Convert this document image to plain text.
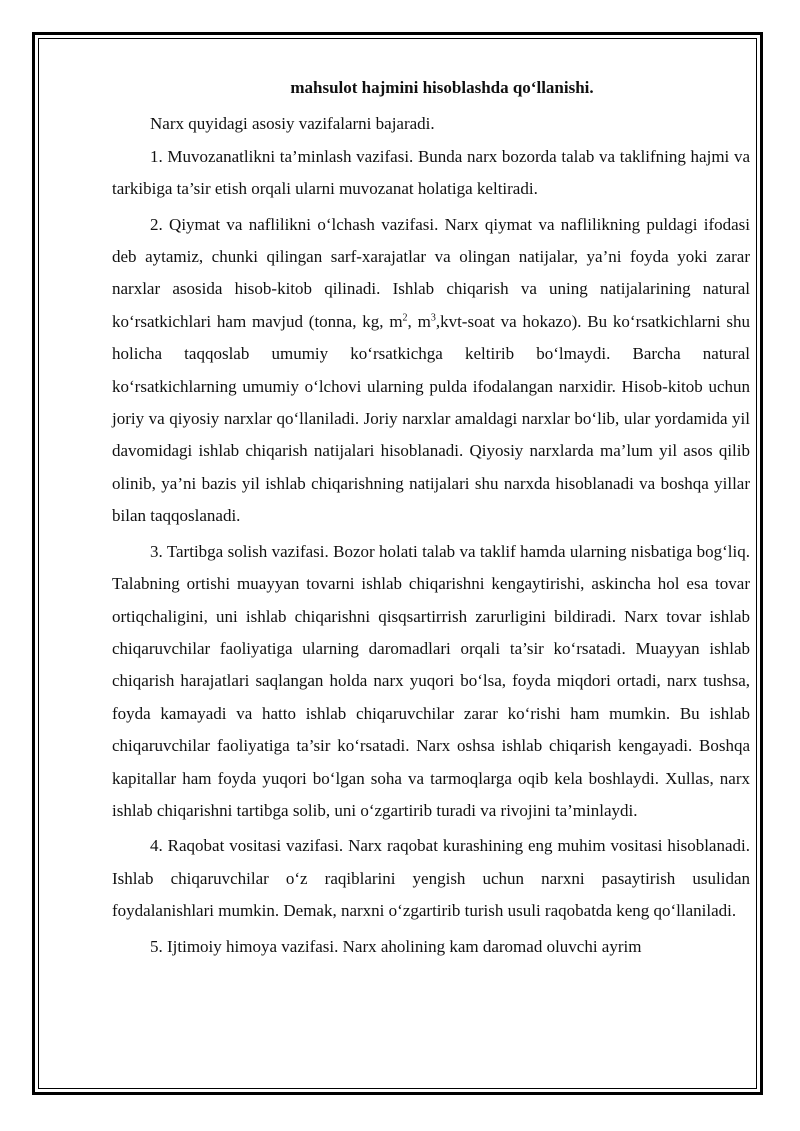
mahsulot hajmini hisoblashda qo‘llanishi.

Narx quyidagi asosiy vazifalarni bajaradi.

1. Muvozanatlikni ta’minlash vazifasi. Bunda narx bozorda talab va taklifning hajmi va tarkibiga ta’sir etish orqali ularni muvozanat holatiga keltiradi.

2. Qiymat va naflilikni o‘lchash vazifasi. Narx qiymat va naflilikning puldagi ifodasi deb aytamiz, chunki qilingan sarf-xarajatlar va olingan natijalar, ya’ni foyda yoki zarar narxlar asosida hisob-kitob qilinadi. Ishlab chiqarish va uning natijalarining natural ko‘rsatkichlari ham mavjud (tonna, kg, $m^2$, $m^3,kvt$-soat va hokazo). Bu ko‘rsatkichlarni shu holicha taqqoslab umumiy ko‘rsatkichga keltirib bo‘lmaydi. Barcha natural ko‘rsatkichlarning umumiy o‘lchovi ularning pulda ifodalangan narxidir. Hisob-kitob uchun joriy va qiyosiy narxlar qo‘llaniladi. Joriy narxlar amaldagi narxlar bo‘lib, ular yordamida yil davomidagi ishlab chiqarish natijalari hisoblanadi. Qiyosiy narxlarda ma’lum yil asos qilib olinib, ya’ni bazis yil ishlab chiqarishning natijalari shu narxda hisoblanadi va boshqa yillar bilan taqqoslanadi.

3. Tartibga solish vazifasi. Bozor holati talab va taklif hamda ularning nisbatiga bog‘liq. Talabning ortishi muayyan tovarni ishlab chiqarishni kengaytirishi, askincha hol esa tovar ortiqchaligini, uni ishlab chiqarishni qisqsartirrish zarurligini bildiradi. Narx tovar ishlab chiqaruvchilar faoliyatiga ularning daromadlari orqali ta’sir ko‘rsatadi. Muayyan ishlab chiqarish harajatlari saqlangan holda narx yuqori bo‘lsa, foyda miqdori ortadi, narx tushsa, foyda kamayadi va hatto ishlab chiqaruvchilar zarar ko‘rishi ham mumkin. Bu ishlab chiqaruvchilar faoliyatiga ta’sir ko‘rsatadi. Narx oshsa ishlab chiqarish kengayadi. Boshqa kapitallar ham foyda yuqori bo‘lgan soha va tarmoqlarga oqib kela boshlaydi. Xullas, narx ishlab chiqarishni tartibga solib, uni o‘zgartirib turadi va rivojini ta’minlaydi.

4. Raqobat vositasi vazifasi. Narx raqobat kurashining eng muhim vositasi hisoblanadi. Ishlab chiqaruvchilar o‘z raqiblarini yengish uchun narxni pasaytirish usulidan foydalanishlari mumkin. Demak, narxni o‘zgartirib turish usuli raqobatda keng qo‘llaniladi.

5. Ijtimoiy himoya vazifasi. Narx aholining kam daromad oluvchi ayrim
